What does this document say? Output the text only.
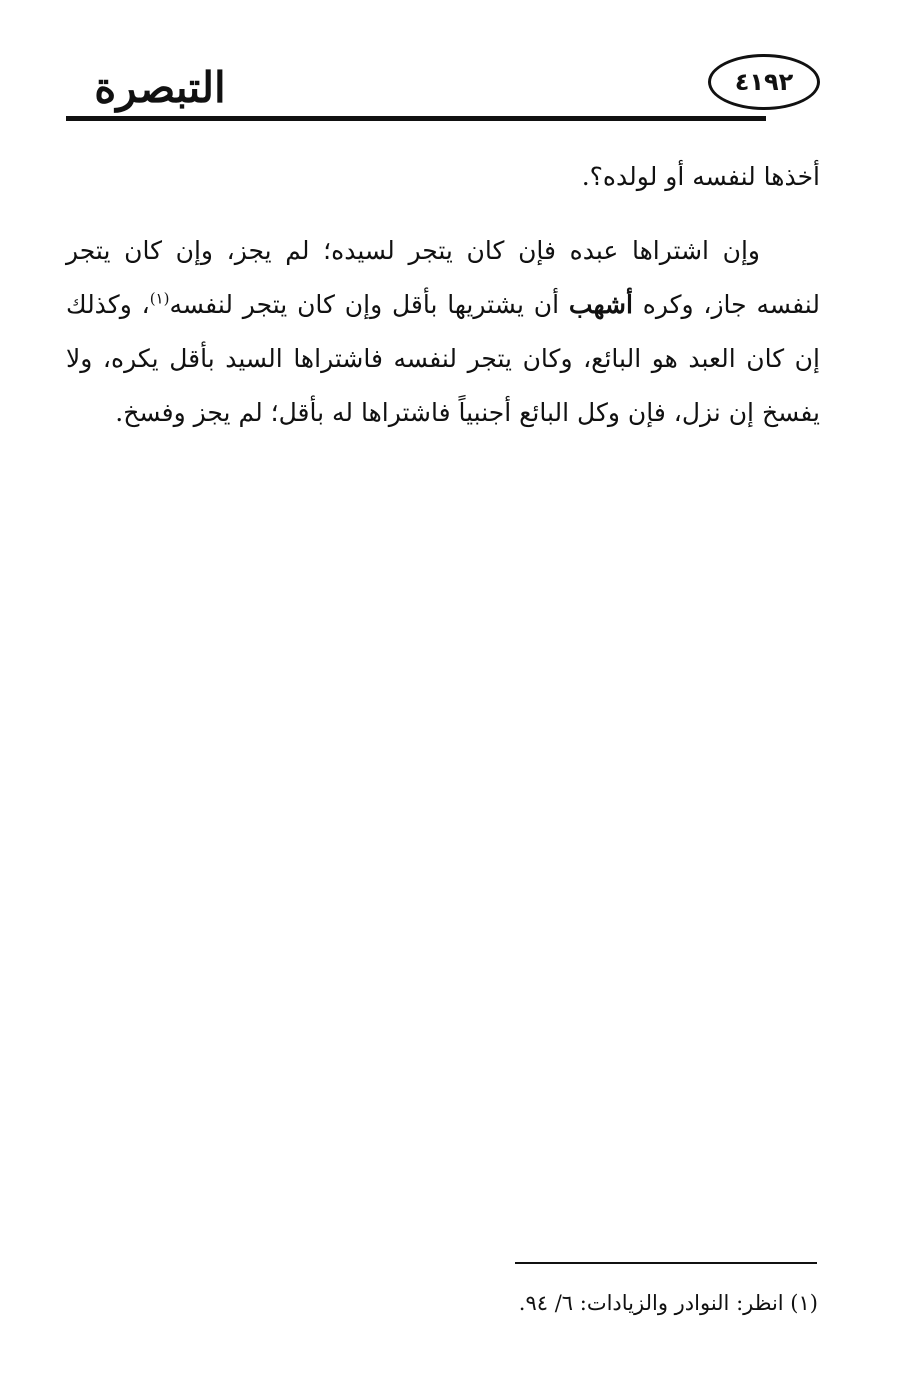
التبصرة	٤١٩٢

أخذها لنفسه أو لولده؟.

وإن اشتراها عبده فإن كان يتجر لسيده؛ لم يجز، وإن كان يتجر لنفسه جاز، وكره أشهب أن يشتريها بأقل وإن كان يتجر لنفسه$^{(١)}$، وكذلك إن كان العبد هو البائع، وكان يتجر لنفسه فاشتراها السيد بأقل يكره، ولا يفسخ إن نزل، فإن وكل البائع أجنبياً فاشتراها له بأقل؛ لم يجز وفسخ.

(١) انظر: النوادر والزيادات: ٦/ ٩٤.
